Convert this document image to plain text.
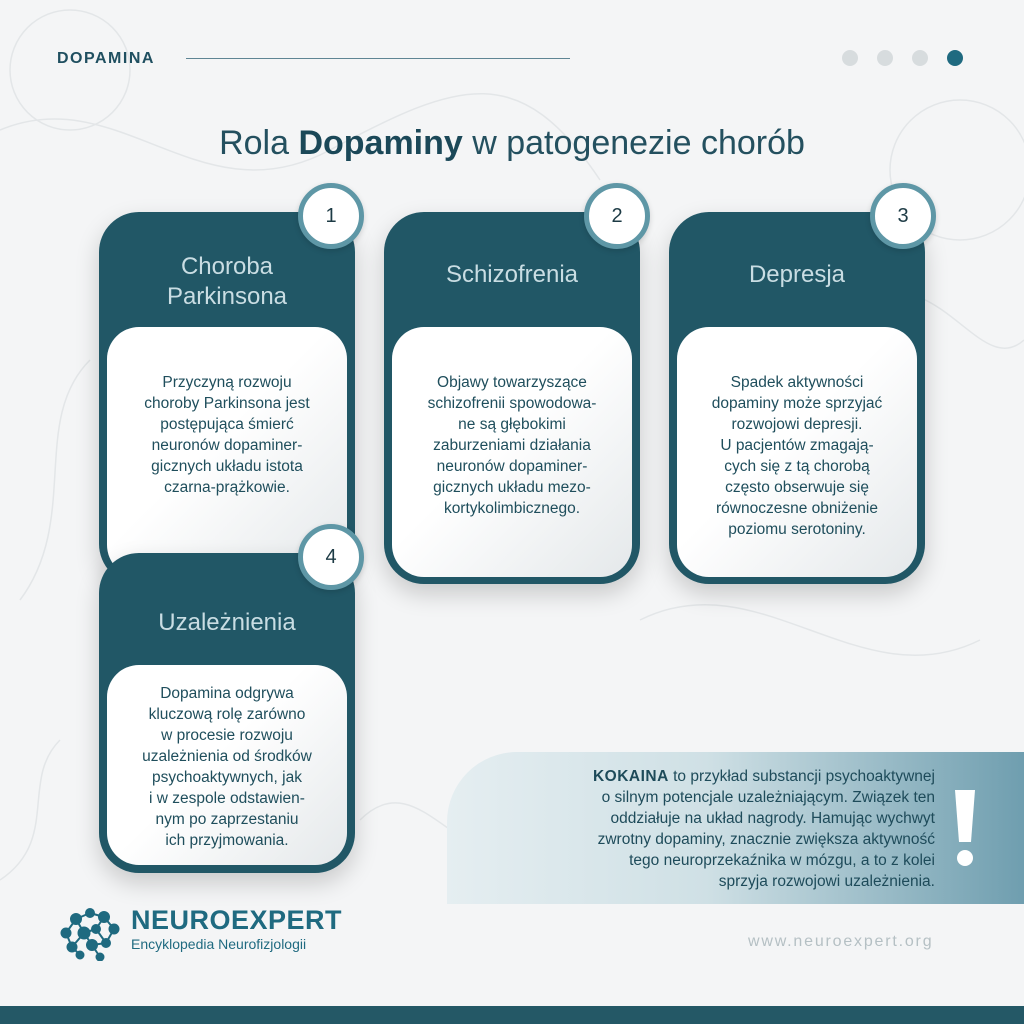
DOPAMINA
Rola Dopaminy w patogenezie chorób
Choroba
Parkinsona
Przyczyną rozwoju
choroby Parkinsona jest
postępująca śmierć
neuronów dopaminer-
gicznych układu istota
czarna-prążkowie.
Schizofrenia
Objawy towarzyszące
schizofrenii spowodowa-
ne są głębokimi
zaburzeniami działania
neuronów dopaminer-
gicznych układu mezo-
kortykolimbicznego.
Depresja
Spadek aktywności
dopaminy może sprzyjać
rozwojowi depresji.
U pacjentów zmagają-
cych się z tą chorobą
często obserwuje się
równoczesne obniżenie
poziomu serotoniny.
Uzależnienia
Dopamina odgrywa
kluczową rolę zarówno
w procesie rozwoju
uzależnienia od środków
psychoaktywnych, jak
i w zespole odstawien-
nym po zaprzestaniu
ich przyjmowania.
1	2	3
4
KOKAINA to przykład substancji psychoaktywnej
o silnym potencjale uzależniającym. Związek ten
oddziałuje na układ nagrody. Hamując wychwyt
zwrotny dopaminy, znacznie zwiększa aktywność
tego neuroprzekaźnika w mózgu, a to z kolei
sprzyja rozwojowi uzależnienia.
NEUROEXPERT
Encyklopedia Neurofizjologii	www.neuroexpert.org
